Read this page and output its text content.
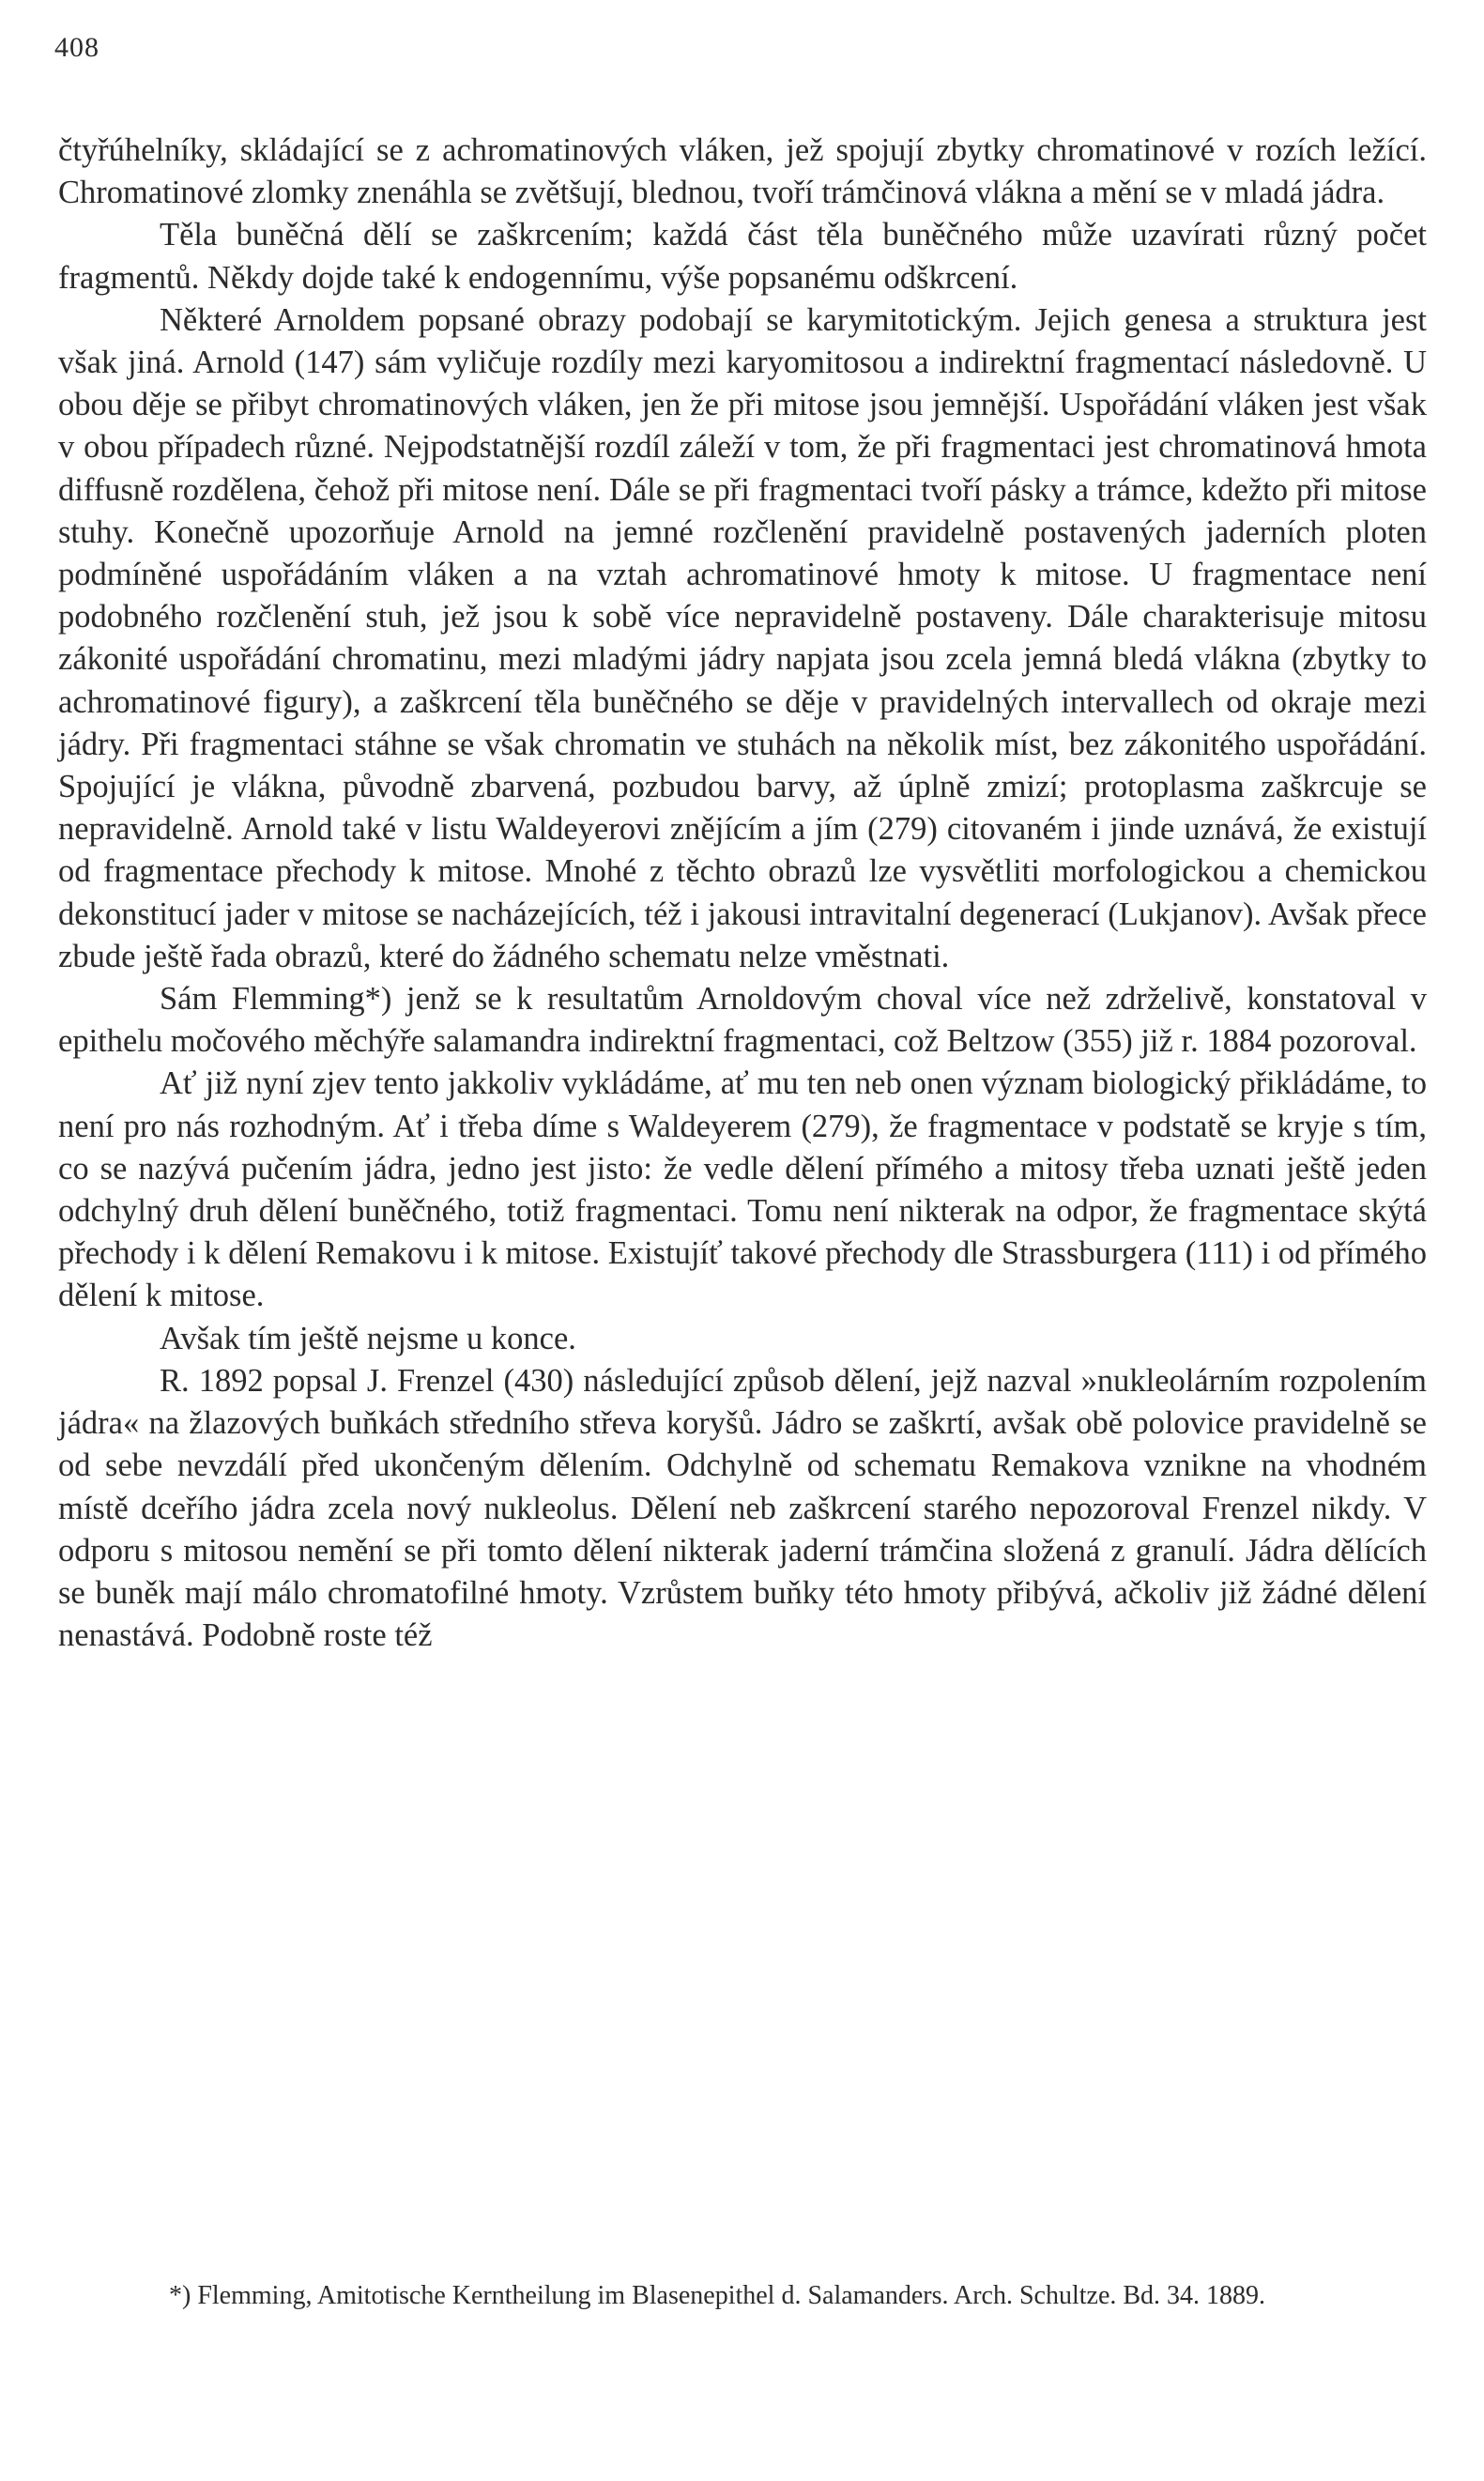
408

čtyřúhelníky, skládající se z achromatinových vláken, jež spojují zbytky chromatinové v rozích ležící. Chromatinové zlomky znenáhla se zvětšují, blednou, tvoří trámčinová vlákna a mění se v mladá jádra.

Těla buněčná dělí se zaškrcením; každá část těla buněčného může uzavírati různý počet fragmentů. Někdy dojde také k endogennímu, výše popsanému odškrcení.

Některé Arnoldem popsané obrazy podobají se karymitotickým. Jejich genesa a struktura jest však jiná. Arnold (147) sám vyličuje rozdíly mezi karyomitosou a indirektní fragmentací následovně. U obou děje se přibyt chromatinových vláken, jen že při mitose jsou jemnější. Uspořádání vláken jest však v obou případech různé. Nejpodstatnější rozdíl záleží v tom, že při fragmentaci jest chromatinová hmota diffusně rozdělena, čehož při mitose není. Dále se při fragmentaci tvoří pásky a trámce, kdežto při mitose stuhy. Konečně upozorňuje Arnold na jemné rozčlenění pravidelně postavených jaderních ploten podmíněné uspořádáním vláken a na vztah achromatinové hmoty k mitose. U fragmentace není podobného rozčlenění stuh, jež jsou k sobě více nepravidelně postaveny. Dále charakterisuje mitosu zákonité uspořádání chromatinu, mezi mladými jádry napjata jsou zcela jemná bledá vlákna (zbytky to achromatinové figury), a zaškrcení těla buněčného se děje v pravidelných intervallech od okraje mezi jádry. Při fragmentaci stáhne se však chromatin ve stuhách na několik míst, bez zákonitého uspořádání. Spojující je vlákna, původně zbarvená, pozbudou barvy, až úplně zmizí; protoplasma zaškrcuje se nepravidelně. Arnold také v listu Waldeyerovi znějícím a jím (279) citovaném i jinde uznává, že existují od fragmentace přechody k mitose. Mnohé z těchto obrazů lze vysvětliti morfologickou a chemickou dekonstitucí jader v mitose se nacházejících, též i jakousi intravitalní degenerací (Lukjanov). Avšak přece zbude ještě řada obrazů, které do žádného schematu nelze vměstnati.

Sám Flemming*) jenž se k resultatům Arnoldovým choval více než zdrželivě, konstatoval v epithelu močového měchýře salamandra indirektní fragmentaci, což Beltzow (355) již r. 1884 pozoroval.

Ať již nyní zjev tento jakkoliv vykládáme, ať mu ten neb onen význam biologický přikládáme, to není pro nás rozhodným. Ať i třeba díme s Waldeyerem (279), že fragmentace v podstatě se kryje s tím, co se nazývá pučením jádra, jedno jest jisto: že vedle dělení přímého a mitosy třeba uznati ještě jeden odchylný druh dělení buněčného, totiž fragmentaci. Tomu není nikterak na odpor, že fragmentace skýtá přechody i k dělení Remakovu i k mitose. Existujíť takové přechody dle Strassburgera (111) i od přímého dělení k mitose.

Avšak tím ještě nejsme u konce.

R. 1892 popsal J. Frenzel (430) následující způsob dělení, jejž nazval »nukleolárním rozpolením jádra« na žlazových buňkách středního střeva koryšů. Jádro se zaškrtí, avšak obě polovice pravidelně se od sebe nevzdálí před ukončeným dělením. Odchylně od schematu Remakova vznikne na vhodném místě dceřího jádra zcela nový nukleolus. Dělení neb zaškrcení starého nepozoroval Frenzel nikdy. V odporu s mitosou nemění se při tomto dělení nikterak jaderní trámčina složená z granulí. Jádra dělících se buněk mají málo chromatofilné hmoty. Vzrůstem buňky této hmoty přibývá, ačkoliv již žádné dělení nenastává. Podobně roste též

*) Flemming, Amitotische Kerntheilung im Blasenepithel d. Salamanders. Arch. Schultze. Bd. 34. 1889.
